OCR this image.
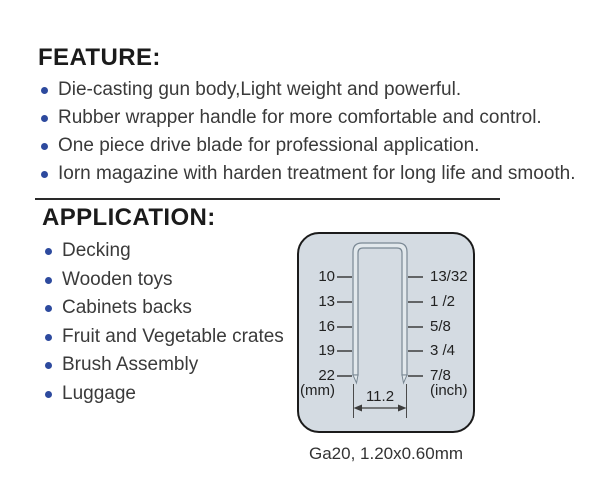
FEATURE:
Die-casting gun body,Light weight and powerful.
Rubber wrapper handle for more comfortable and control.
One piece drive blade for professional application.
Iorn magazine with harden treatment for long life and smooth.
APPLICATION:
Decking
Wooden toys
Cabinets backs
Fruit and Vegetable crates
Brush Assembly
Luggage
10
13
16
19
22
(mm)
13/32
1 /2
5/8
3 /4
7/8
(inch)
11.2
Ga20, 1.20x0.60mm
